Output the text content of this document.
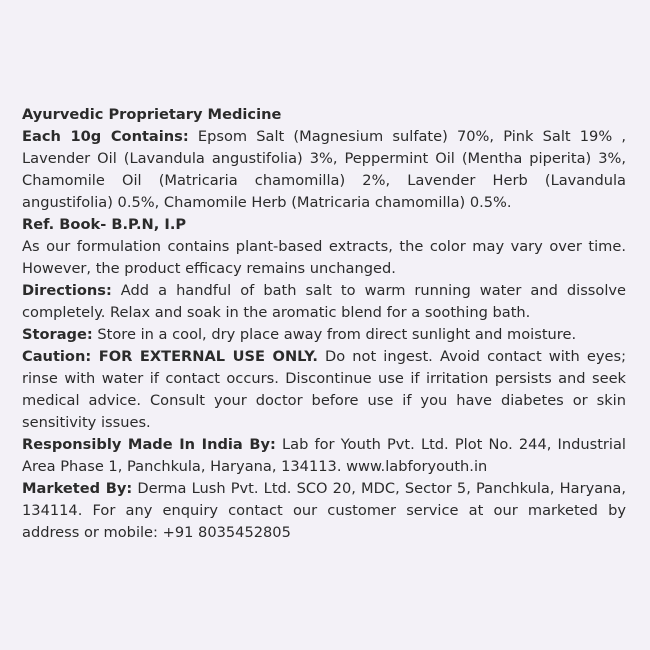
Ayurvedic Proprietary Medicine

Each 10g Contains: Epsom Salt (Magnesium sulfate) 70%, Pink Salt 19% , Lavender Oil (Lavandula angustifolia) 3%, Peppermint Oil (Mentha piperita) 3%, Chamomile Oil (Matricaria chamomilla) 2%, Lavender Herb (Lavandula angustifolia) 0.5%, Chamomile Herb (Matricaria chamomilla) 0.5%.

Ref. Book- B.P.N, I.P

As our formulation contains plant-based extracts, the color may vary over time. However, the product efficacy remains unchanged.

Directions: Add a handful of bath salt to warm running water and dissolve completely. Relax and soak in the aromatic blend for a soothing bath.

Storage: Store in a cool, dry place away from direct sunlight and moisture.

Caution: FOR EXTERNAL USE ONLY. Do not ingest. Avoid contact with eyes; rinse with water if contact occurs. Discontinue use if irritation persists and seek medical advice. Consult your doctor before use if you have diabetes or skin sensitivity issues.

Responsibly Made In India By: Lab for Youth Pvt. Ltd. Plot No. 244, Industrial Area Phase 1, Panchkula, Haryana, 134113. www.labforyouth.in

Marketed By: Derma Lush Pvt. Ltd. SCO 20, MDC, Sector 5, Panchkula, Haryana, 134114. For any enquiry contact our customer service at our marketed by address or mobile: +91 8035452805
